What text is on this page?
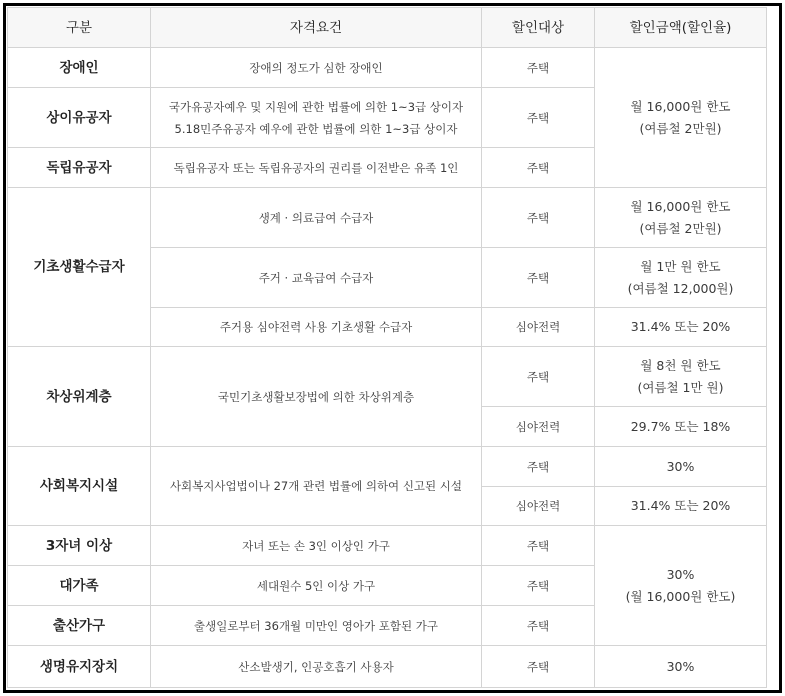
구분	자격요건	할인대상	할인금액(할인율)
장애인	장애의 정도가 심한 장애인	주택	월 16,000원 한도
(여름철 2만원)

상이유공자	국가유공자예우 및 지원에 관한 법률에 의한 1~3급 상이자
5.18민주유공자 예우에 관한 법률에 의한 1~3급 상이자	주택	
독립유공자	독립유공자 또는 독립유공자의 권리를 이전받은 유족 1인	주택	
기초생활수급자	생계 · 의료급여 수급자	주택	월 16,000원 한도
(여름철 2만원)

	주거 · 교육급여 수급자	주택	월 1만 원 한도
(여름철 12,000원)

	주거용 심야전력 사용 기초생활 수급자	심야전력	31.4% 또는 20%
차상위계층	국민기초생활보장법에 의한 차상위계층	주택	월 8천 원 한도
(여름철 1만 원)

		심야전력	29.7% 또는 18%
사회복지시설	사회복지사업법이나 27개 관련 법률에 의하여 신고된 시설	주택	30%
		심야전력	31.4% 또는 20%
3자녀 이상	자녀 또는 손 3인 이상인 가구	주택	30%
(월 16,000원 한도)

대가족	세대원수 5인 이상 가구	주택	
출산가구	출생일로부터 36개월 미만인 영아가 포함된 가구	주택	
생명유지장치	산소발생기, 인공호흡기 사용자	주택	30%
